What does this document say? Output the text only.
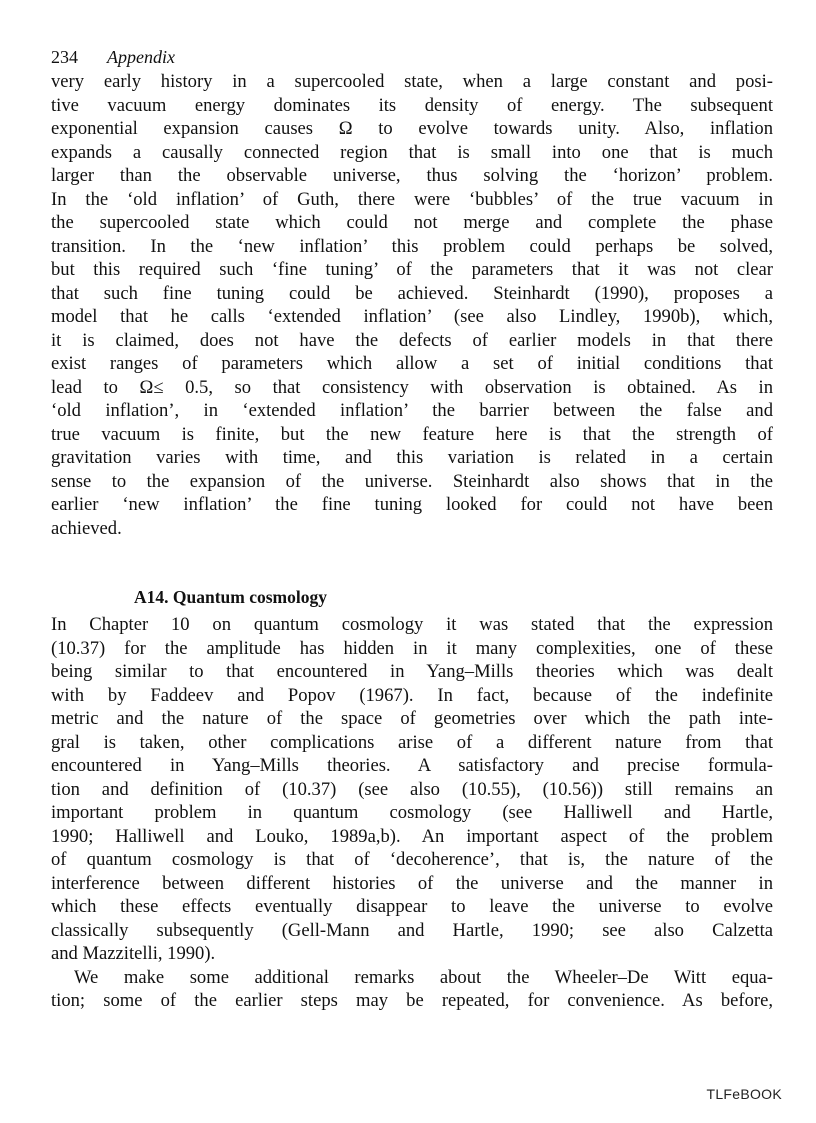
234 Appendix
very early history in a supercooled state, when a large constant and posi-
tive vacuum energy dominates its density of energy. The subsequent
exponential expansion causes Ω to evolve towards unity. Also, inflation
expands a causally connected region that is small into one that is much
larger than the observable universe, thus solving the ‘horizon’ problem.
In the ‘old inflation’ of Guth, there were ‘bubbles’ of the true vacuum in
the supercooled state which could not merge and complete the phase
transition. In the ‘new inflation’ this problem could perhaps be solved,
but this required such ‘fine tuning’ of the parameters that it was not clear
that such fine tuning could be achieved. Steinhardt (1990), proposes a
model that he calls ‘extended inflation’ (see also Lindley, 1990b), which,
it is claimed, does not have the defects of earlier models in that there
exist ranges of parameters which allow a set of initial conditions that
lead to Ω≤ 0.5, so that consistency with observation is obtained. As in
‘old inflation’, in ‘extended inflation’ the barrier between the false and
true vacuum is finite, but the new feature here is that the strength of
gravitation varies with time, and this variation is related in a certain
sense to the expansion of the universe. Steinhardt also shows that in the
earlier ‘new inflation’ the fine tuning looked for could not have been
achieved.
A14. Quantum cosmology
In Chapter 10 on quantum cosmology it was stated that the expression
(10.37) for the amplitude has hidden in it many complexities, one of these
being similar to that encountered in Yang–Mills theories which was dealt
with by Faddeev and Popov (1967). In fact, because of the indefinite
metric and the nature of the space of geometries over which the path inte-
gral is taken, other complications arise of a different nature from that
encountered in Yang–Mills theories. A satisfactory and precise formula-
tion and definition of (10.37) (see also (10.55), (10.56)) still remains an
important problem in quantum cosmology (see Halliwell and Hartle,
1990; Halliwell and Louko, 1989a,b). An important aspect of the problem
of quantum cosmology is that of ‘decoherence’, that is, the nature of the
interference between different histories of the universe and the manner in
which these effects eventually disappear to leave the universe to evolve
classically subsequently (Gell-Mann and Hartle, 1990; see also Calzetta
and Mazzitelli, 1990).
We make some additional remarks about the Wheeler–De Witt equa-
tion; some of the earlier steps may be repeated, for convenience. As before,
TLFeBOOK
